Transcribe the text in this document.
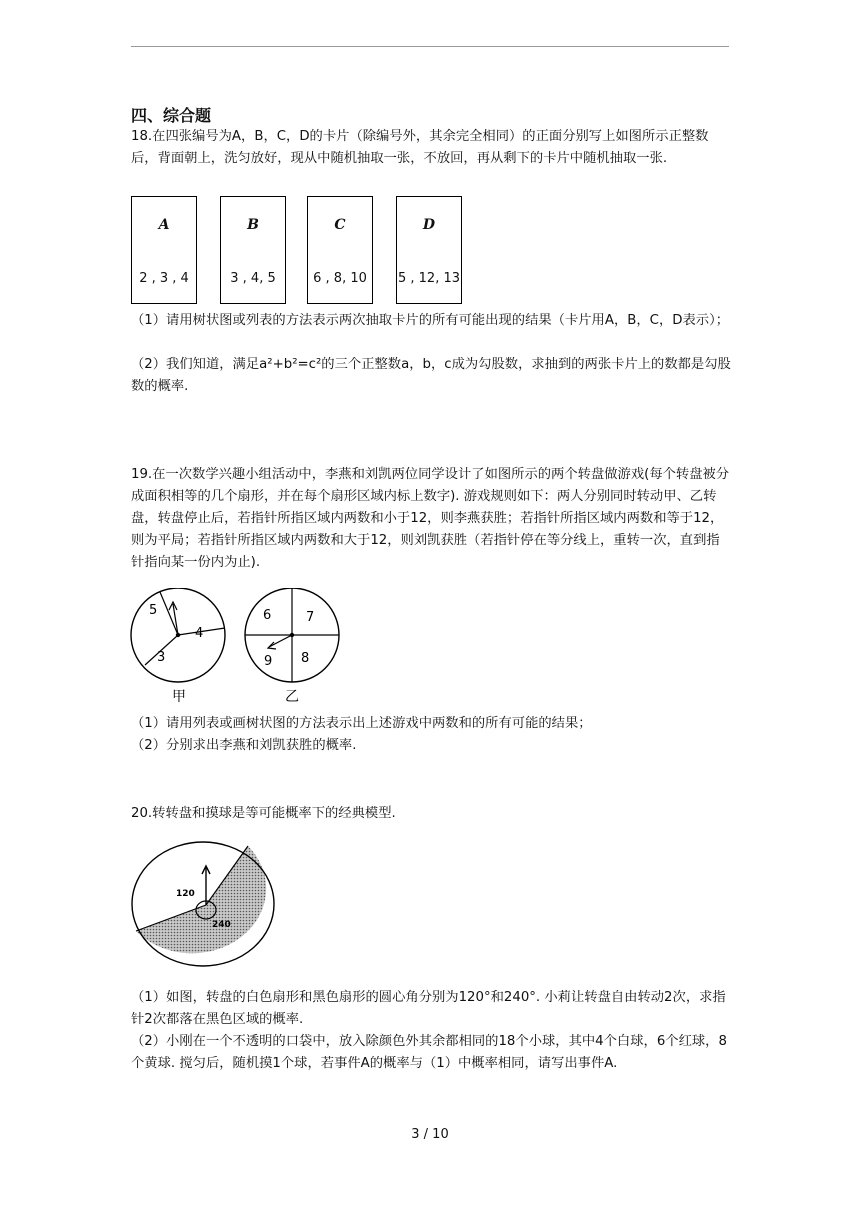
四、综合题
18.在四张编号为A，B，C，D的卡片（除编号外，其余完全相同）的正面分别写上如图所示正整数后，背面朝上，洗匀放好，现从中随机抽取一张，不放回，再从剩下的卡片中随机抽取一张.
A
2 , 3 , 4
B
3 , 4, 5
C
6 , 8, 10
D
5 , 12, 13
（1）请用树状图或列表的方法表示两次抽取卡片的所有可能出现的结果（卡片用A，B，C，D表示）；
（2）我们知道，满足a²+b²=c²的三个正整数a，b，c成为勾股数，求抽到的两张卡片上的数都是勾股数的概率.
19.在一次数学兴趣小组活动中，李燕和刘凯两位同学设计了如图所示的两个转盘做游戏(每个转盘被分成面积相等的几个扇形，并在每个扇形区域内标上数字). 游戏规则如下：两人分别同时转动甲、乙转盘，转盘停止后，若指针所指区域内两数和小于12，则李燕获胜；若指针所指区域内两数和等于12，则为平局；若指针所指区域内两数和大于12，则刘凯获胜（若指针停在等分线上，重转一次，直到指针指向某一份内为止).
5
4
3
甲
6	7
9 8
乙
（1）请用列表或画树状图的方法表示出上述游戏中两数和的所有可能的结果；
（2）分别求出李燕和刘凯获胜的概率.
20.转转盘和摸球是等可能概率下的经典模型.
120
240
（1）如图，转盘的白色扇形和黑色扇形的圆心角分别为120°和240°. 小莉让转盘自由转动2次，求指针2次都落在黑色区域的概率.
（2）小刚在一个不透明的口袋中，放入除颜色外其余都相同的18个小球，其中4个白球，6个红球，8个黄球. 搅匀后，随机摸1个球，若事件A的概率与（1）中概率相同，请写出事件A.
3 / 10
